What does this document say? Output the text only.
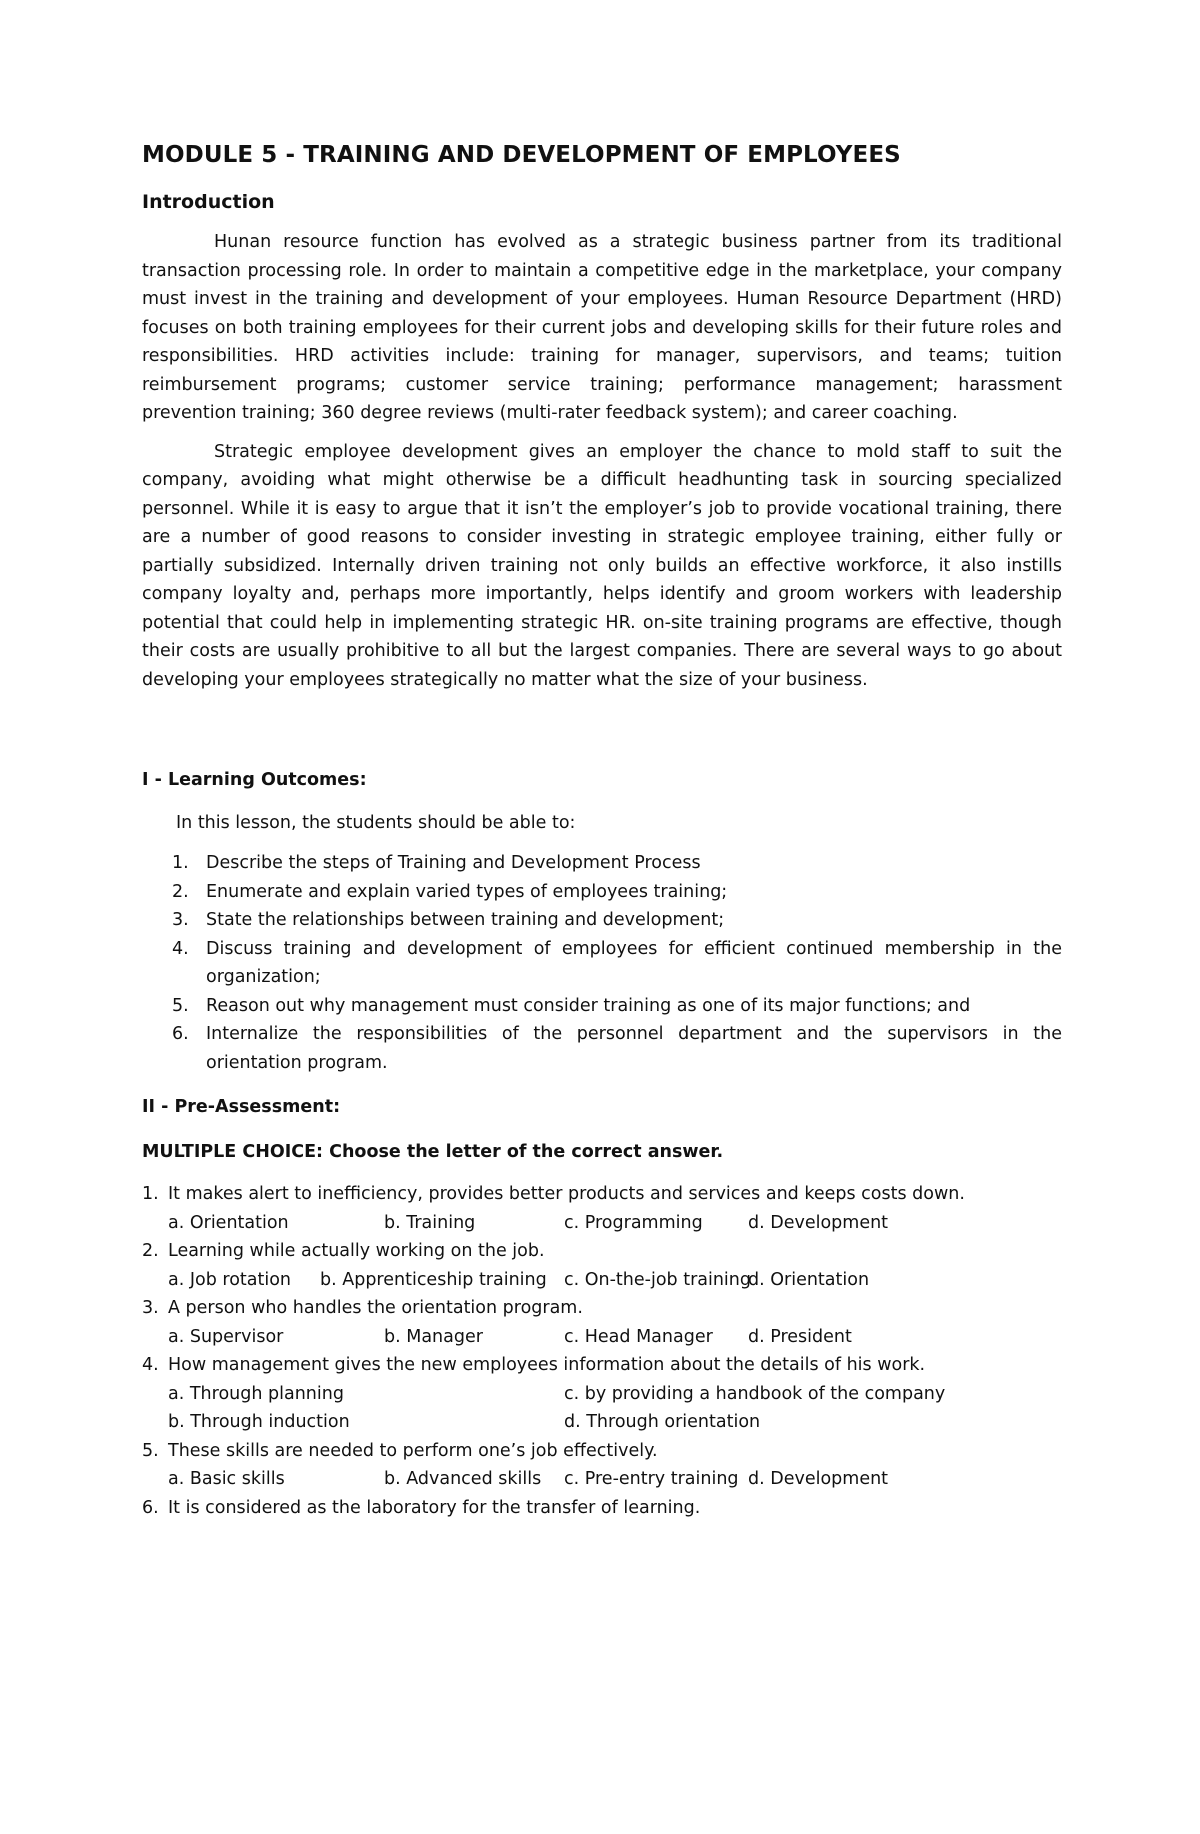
MODULE 5 - TRAINING AND DEVELOPMENT OF EMPLOYEES
Introduction

Hunan resource function has evolved as a strategic business partner from its traditional transaction processing role. In order to maintain a competitive edge in the marketplace, your company must invest in the training and development of your employees. Human Resource Department (HRD) focuses on both training employees for their current jobs and developing skills for their future roles and responsibilities. HRD activities include: training for manager, supervisors, and teams; tuition reimbursement programs; customer service training; performance management; harassment prevention training; 360 degree reviews (multi-rater feedback system); and career coaching.

Strategic employee development gives an employer the chance to mold staff to suit the company, avoiding what might otherwise be a difficult headhunting task in sourcing specialized personnel. While it is easy to argue that it isn’t the employer’s job to provide vocational training, there are a number of good reasons to consider investing in strategic employee training, either fully or partially subsidized. Internally driven training not only builds an effective workforce, it also instills company loyalty and, perhaps more importantly, helps identify and groom workers with leadership potential that could help in implementing strategic HR. on-site training programs are effective, though their costs are usually prohibitive to all but the largest companies. There are several ways to go about developing your employees strategically no matter what the size of your business.

I - Learning Outcomes:

In this lesson, the students should be able to:

1. Describe the steps of Training and Development Process
2. Enumerate and explain varied types of employees training;
3. State the relationships between training and development;
4. Discuss training and development of employees for efficient continued membership in the organization;
5. Reason out why management must consider training as one of its major functions; and
6. Internalize the responsibilities of the personnel department and the supervisors in the orientation program.

II - Pre-Assessment:

MULTIPLE CHOICE: Choose the letter of the correct answer.

1. It makes alert to inefficiency, provides better products and services and keeps costs down.
a. Orientation	b. Training	c. Programming	d. Development
2. Learning while actually working on the job.
a. Job rotation b. Apprenticeship training c. On-the-job training
d. Orientation
3. A person who handles the orientation program.
a. Supervisor	b. Manager	c. Head Manager d. President
4. How management gives the new employees information about the details of his work.
a. Through planning	c. by providing a handbook of the company
b. Through induction	d. Through orientation
5. These skills are needed to perform one’s job effectively.
a. Basic skills	b. Advanced skills c. Pre-entry training d. Development
6. It is considered as the laboratory for the transfer of learning.
